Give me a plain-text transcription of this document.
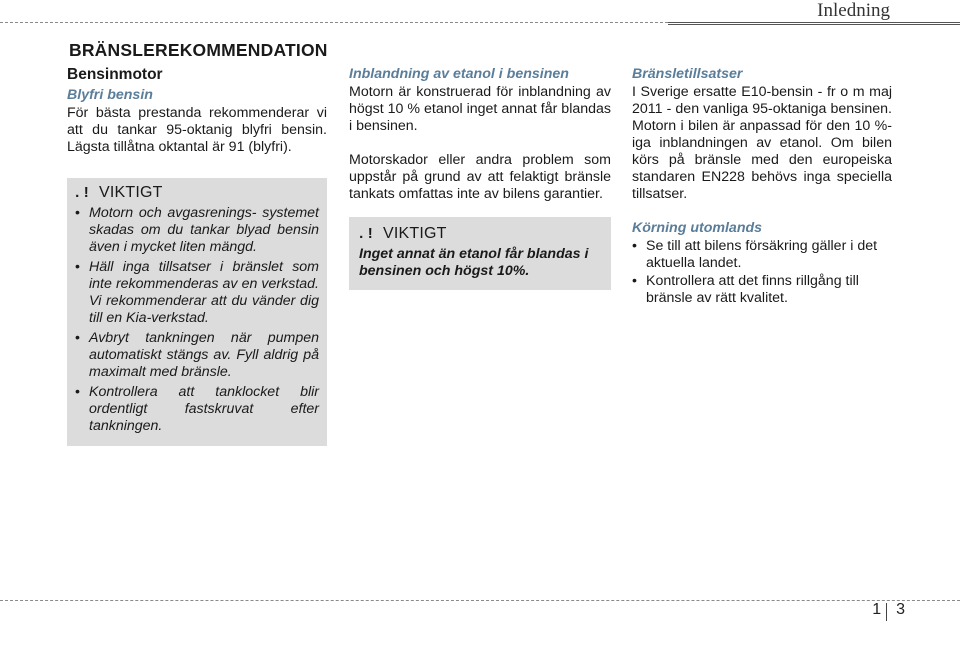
Inledning
BRÄNSLEREKOMMENDATION
Bensinmotor
Blyfri bensin

För bästa prestanda rekommenderar vi att du tankar 95-oktanig blyfri bensin. Lägsta tillåtna oktantal är 91 (blyfri).

. ! VIKTIGT
• Motorn och avgasrenings- systemet skadas om du tankar blyad bensin även i mycket liten mängd.
• Häll inga tillsatser i bränslet som inte rekommenderas av en verkstad. Vi rekommenderar att du vänder dig till en Kia-verkstad.
• Avbryt tankningen när pumpen automatiskt stängs av. Fyll aldrig på maximalt med bränsle.
• Kontrollera att tanklocket blir ordentligt fastskruvat efter tankningen.
Inblandning av etanol i bensinen

Motorn är konstruerad för inblandning av högst 10 % etanol inget annat får blandas i bensinen.

Motorskador eller andra problem som uppstår på grund av att felaktigt bränsle tankats omfattas inte av bilens garantier.

. ! VIKTIGT

Inget annat än etanol får blandas i bensinen och högst 10%.

Bränsletillsatser

I Sverige ersatte E10-bensin - fr o m maj 2011 - den vanliga 95-oktaniga bensinen. Motorn i bilen är anpassad för den 10 %-iga inblandningen av etanol. Om bilen körs på bränsle med den europeiska standaren EN228 behövs inga speciella tillsatser.

Körning utomlands
• Se till att bilens försäkring gäller i det aktuella landet.
• Kontrollera att det finns rillgång till bränsle av rätt kvalitet.
1 3
